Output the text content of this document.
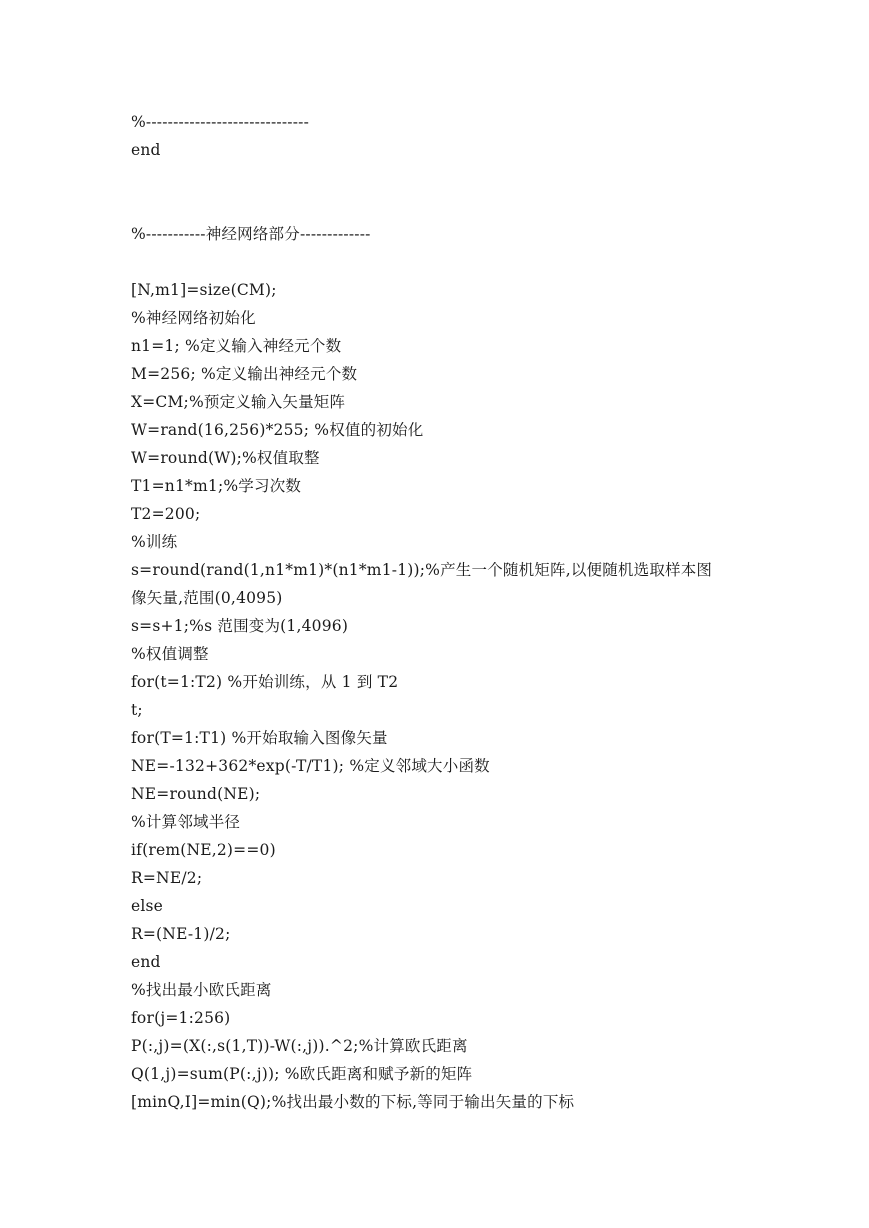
%------------------------------
end
%-----------神经网络部分-------------
[N,m1]=size(CM);
%神经网络初始化
n1=1; %定义输入神经元个数
M=256; %定义输出神经元个数
X=CM;%预定义输入矢量矩阵
W=rand(16,256)*255; %权值的初始化
W=round(W);%权值取整
T1=n1*m1;%学习次数
T2=200;
%训练
s=round(rand(1,n1*m1)*(n1*m1-1));%产生一个随机矩阵,以便随机选取样本图
像矢量,范围(0,4095)
s=s+1;%s 范围变为(1,4096)
%权值调整
for(t=1:T2) %开始训练，从 1 到 T2
t;
for(T=1:T1) %开始取输入图像矢量
NE=-132+362*exp(-T/T1); %定义邻域大小函数
NE=round(NE);
%计算邻域半径
if(rem(NE,2)==0)
R=NE/2;
else
R=(NE-1)/2;
end
%找出最小欧氏距离
for(j=1:256)
P(:,j)=(X(:,s(1,T))-W(:,j)).^2;%计算欧氏距离
Q(1,j)=sum(P(:,j)); %欧氏距离和赋予新的矩阵
[minQ,I]=min(Q);%找出最小数的下标,等同于输出矢量的下标
